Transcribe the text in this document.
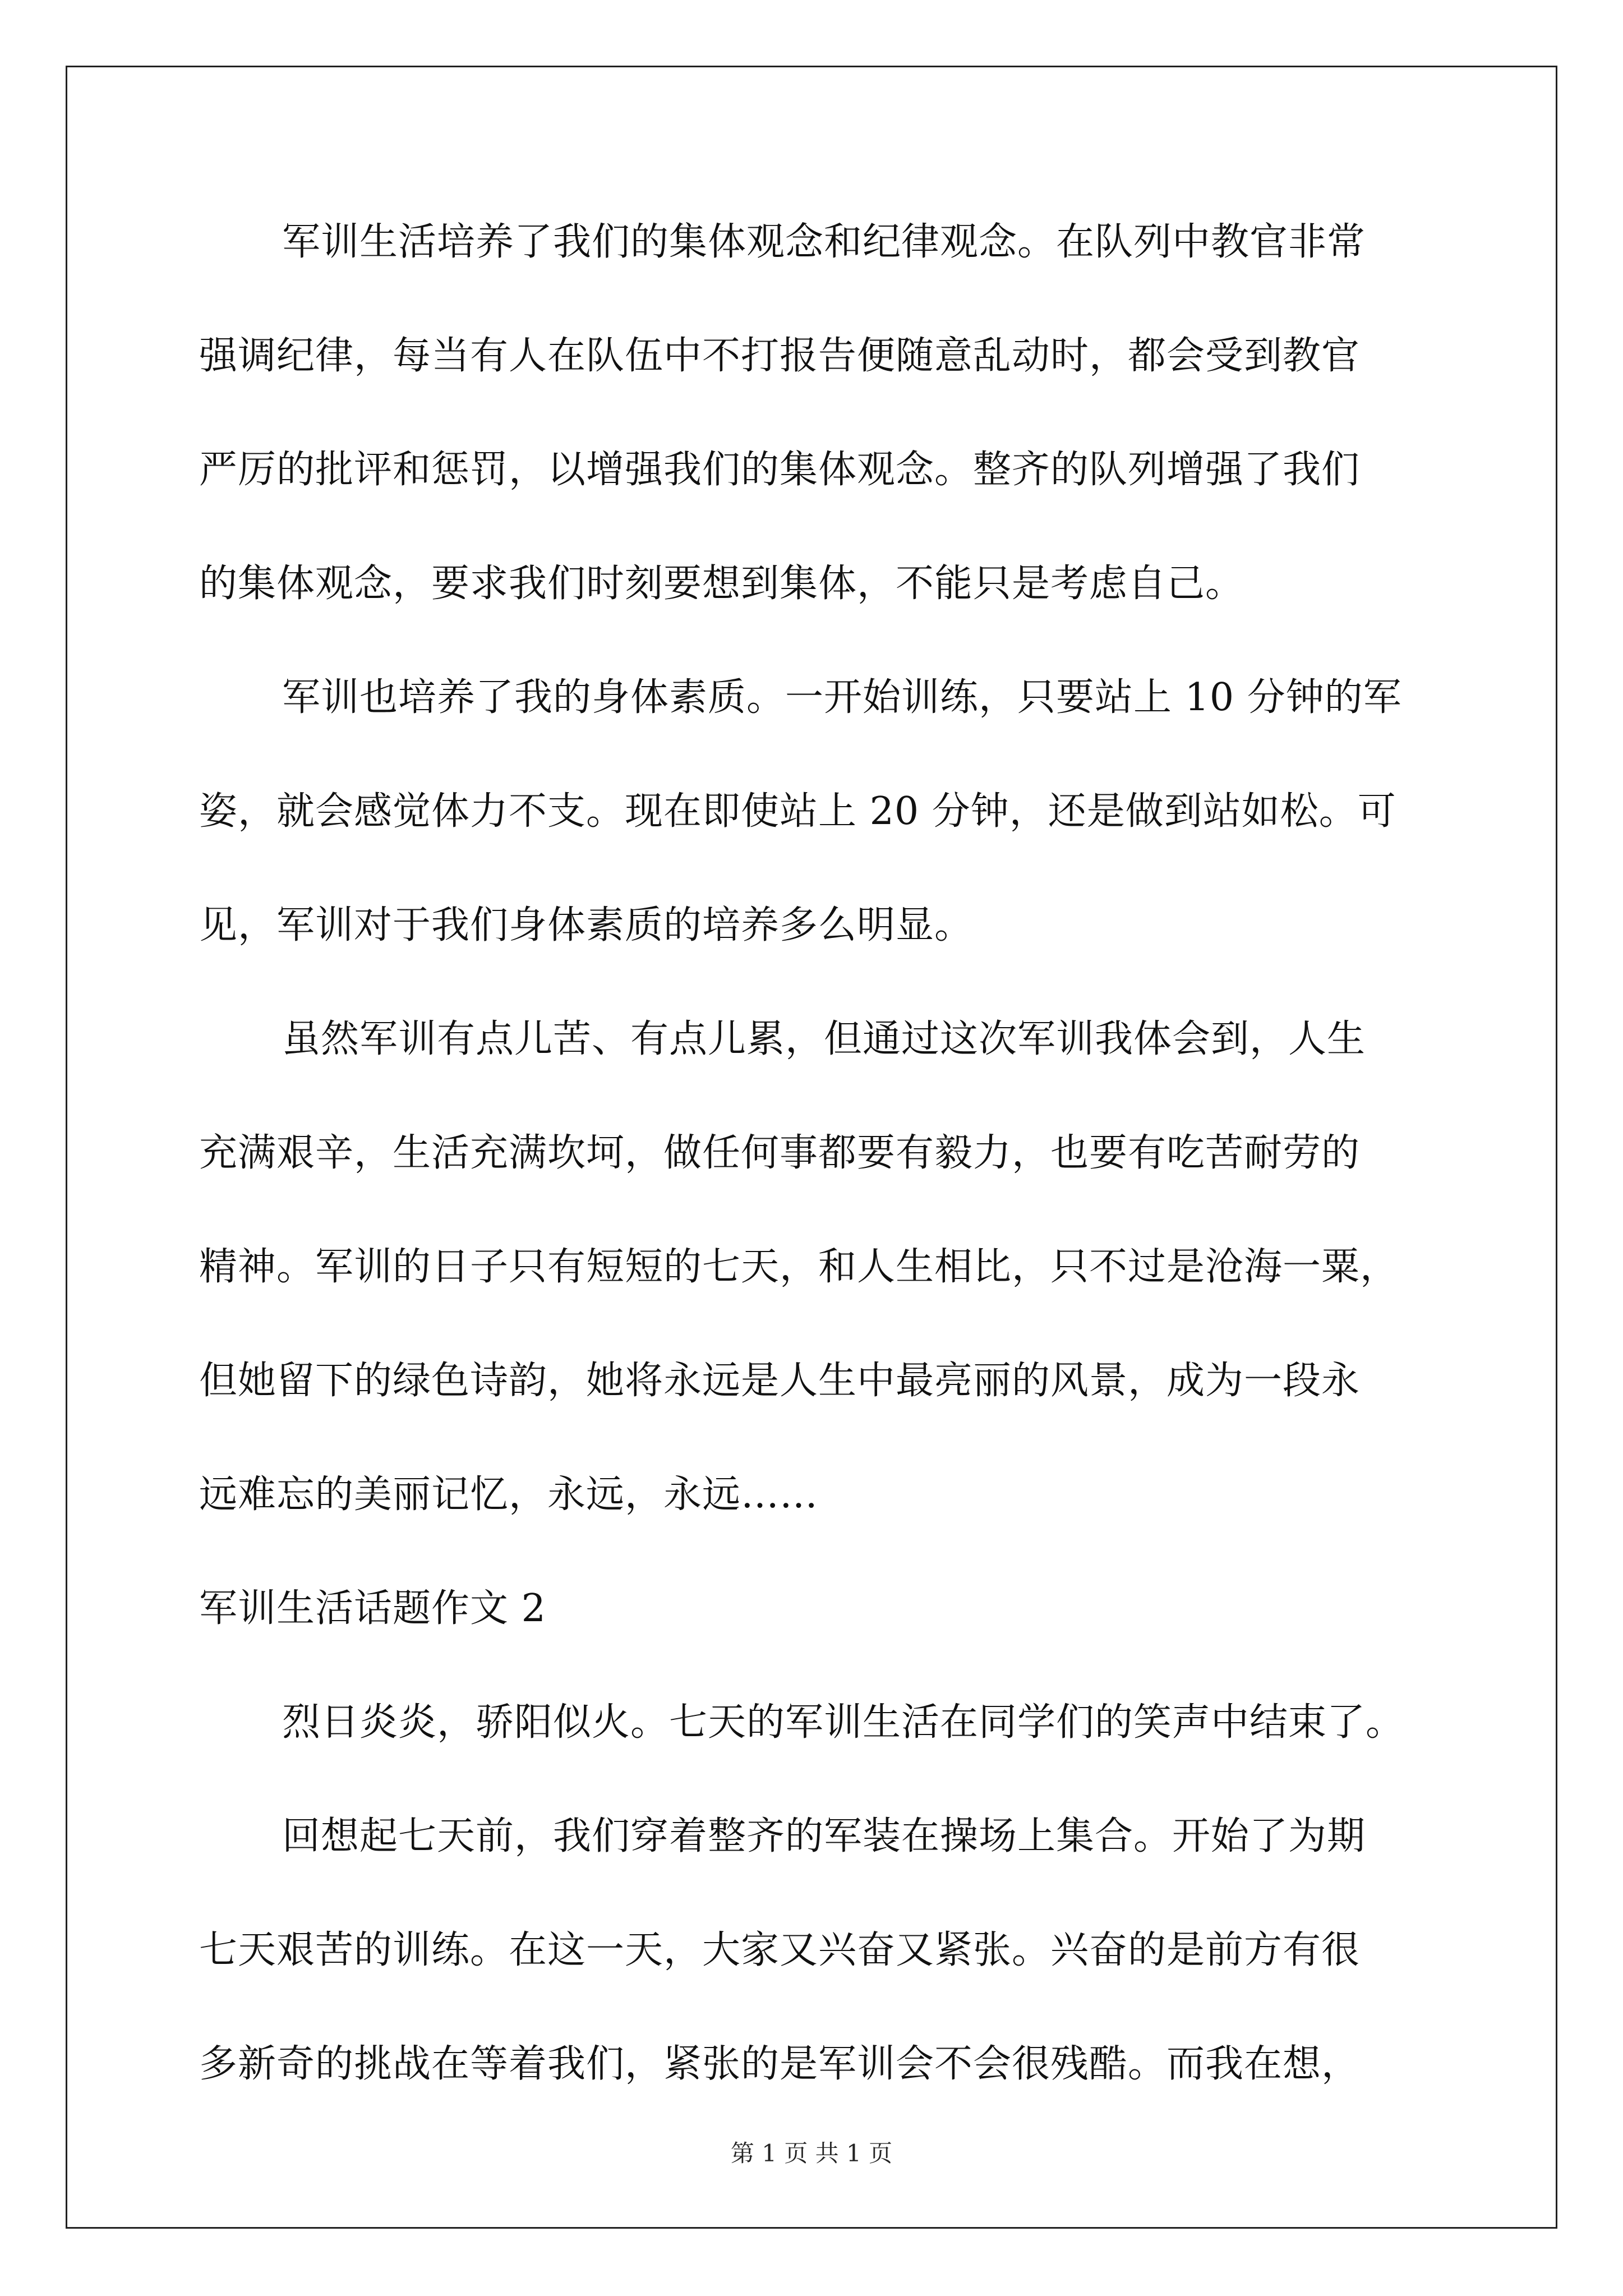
军训生活培养了我们的集体观念和纪律观念。在队列中教官非常
强调纪律，每当有人在队伍中不打报告便随意乱动时，都会受到教官
严厉的批评和惩罚，以增强我们的集体观念。整齐的队列增强了我们
的集体观念，要求我们时刻要想到集体，不能只是考虑自己。
军训也培养了我的身体素质。一开始训练，只要站上 10 分钟的军
姿，就会感觉体力不支。现在即使站上 20 分钟，还是做到站如松。可
见，军训对于我们身体素质的培养多么明显。
虽然军训有点儿苦、有点儿累，但通过这次军训我体会到，人生
充满艰辛，生活充满坎坷，做任何事都要有毅力，也要有吃苦耐劳的
精神。军训的日子只有短短的七天，和人生相比，只不过是沧海一粟，
但她留下的绿色诗韵，她将永远是人生中最亮丽的风景，成为一段永
远难忘的美丽记忆，永远，永远……
军训生活话题作文 2
烈日炎炎，骄阳似火。七天的军训生活在同学们的笑声中结束了。
回想起七天前，我们穿着整齐的军装在操场上集合。开始了为期
七天艰苦的训练。在这一天，大家又兴奋又紧张。兴奋的是前方有很
多新奇的挑战在等着我们，紧张的是军训会不会很残酷。而我在想，
第 1 页 共 1 页
